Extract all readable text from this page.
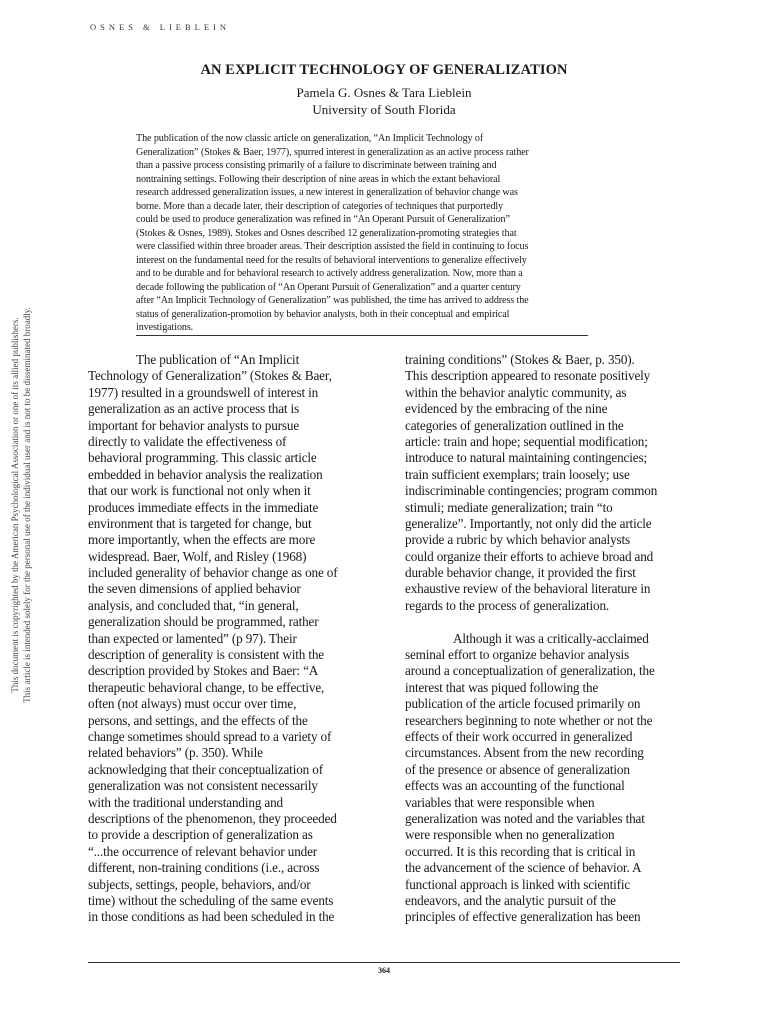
OSNES & LIEBLEIN
AN EXPLICIT TECHNOLOGY OF GENERALIZATION
Pamela G. Osnes & Tara Lieblein
University of South Florida
The publication of the now classic article on generalization, “An Implicit Technology of
Generalization” (Stokes & Baer, 1977), spurred interest in generalization as an active process rather
than a passive process consisting primarily of a failure to discriminate between training and
nontraining settings. Following their description of nine areas in which the extant behavioral
research addressed generalization issues, a new interest in generalization of behavior change was
borne. More than a decade later, their description of categories of techniques that purportedly
could be used to produce generalization was refined in “An Operant Pursuit of Generalization”
(Stokes & Osnes, 1989). Stokes and Osnes described 12 generalization-promoting strategies that
were classified within three broader areas. Their description assisted the field in continuing to focus
interest on the fundamental need for the results of behavioral interventions to generalize effectively
and to be durable and for behavioral research to actively address generalization. Now, more than a
decade following the publication of “An Operant Pursuit of Generalization” and a quarter century
after “An Implicit Technology of Generalization” was published, the time has arrived to address the
status of generalization-promotion by behavior analysts, both in their conceptual and empirical
investigations.
This document is copyrighted by the American Psychological Association or one of its allied publishers. This article is intended solely for the personal use of the individual user and is not to be disseminated broadly.	The publication of “An Implicit
Technology of Generalization” (Stokes & Baer,
1977) resulted in a groundswell of interest in
generalization as an active process that is
important for behavior analysts to pursue
directly to validate the effectiveness of
behavioral programming. This classic article
embedded in behavior analysis the realization
that our work is functional not only when it
produces immediate effects in the immediate
environment that is targeted for change, but
more importantly, when the effects are more
widespread. Baer, Wolf, and Risley (1968)
included generality of behavior change as one of
the seven dimensions of applied behavior
analysis, and concluded that, “in general,
generalization should be programmed, rather
than expected or lamented” (p 97). Their
description of generality is consistent with the
description provided by Stokes and Baer: “A
therapeutic behavioral change, to be effective,
often (not always) must occur over time,
persons, and settings, and the effects of the
change sometimes should spread to a variety of
related behaviors” (p. 350). While
acknowledging that their conceptualization of
generalization was not consistent necessarily
with the traditional understanding and
descriptions of the phenomenon, they proceeded
to provide a description of generalization as
“...the occurrence of relevant behavior under
different, non-training conditions (i.e., across
subjects, settings, people, behaviors, and/or
time) without the scheduling of the same events
in those conditions as had been scheduled in the
training conditions” (Stokes & Baer, p. 350).
This description appeared to resonate positively
within the behavior analytic community, as
evidenced by the embracing of the nine
categories of generalization outlined in the
article: train and hope; sequential modification;
introduce to natural maintaining contingencies;
train sufficient exemplars; train loosely; use
indiscriminable contingencies; program common
stimuli; mediate generalization; train “to
generalize”. Importantly, not only did the article
provide a rubric by which behavior analysts
could organize their efforts to achieve broad and
durable behavior change, it provided the first
exhaustive review of the behavioral literature in
regards to the process of generalization.
Although it was a critically-acclaimed
seminal effort to organize behavior analysis
around a conceptualization of generalization, the
interest that was piqued following the
publication of the article focused primarily on
researchers beginning to note whether or not the
effects of their work occurred in generalized
circumstances. Absent from the new recording
of the presence or absence of generalization
effects was an accounting of the functional
variables that were responsible when
generalization was noted and the variables that
were responsible when no generalization
occurred. It is this recording that is critical in
the advancement of the science of behavior. A
functional approach is linked with scientific
endeavors, and the analytic pursuit of the
principles of effective generalization has been
364
